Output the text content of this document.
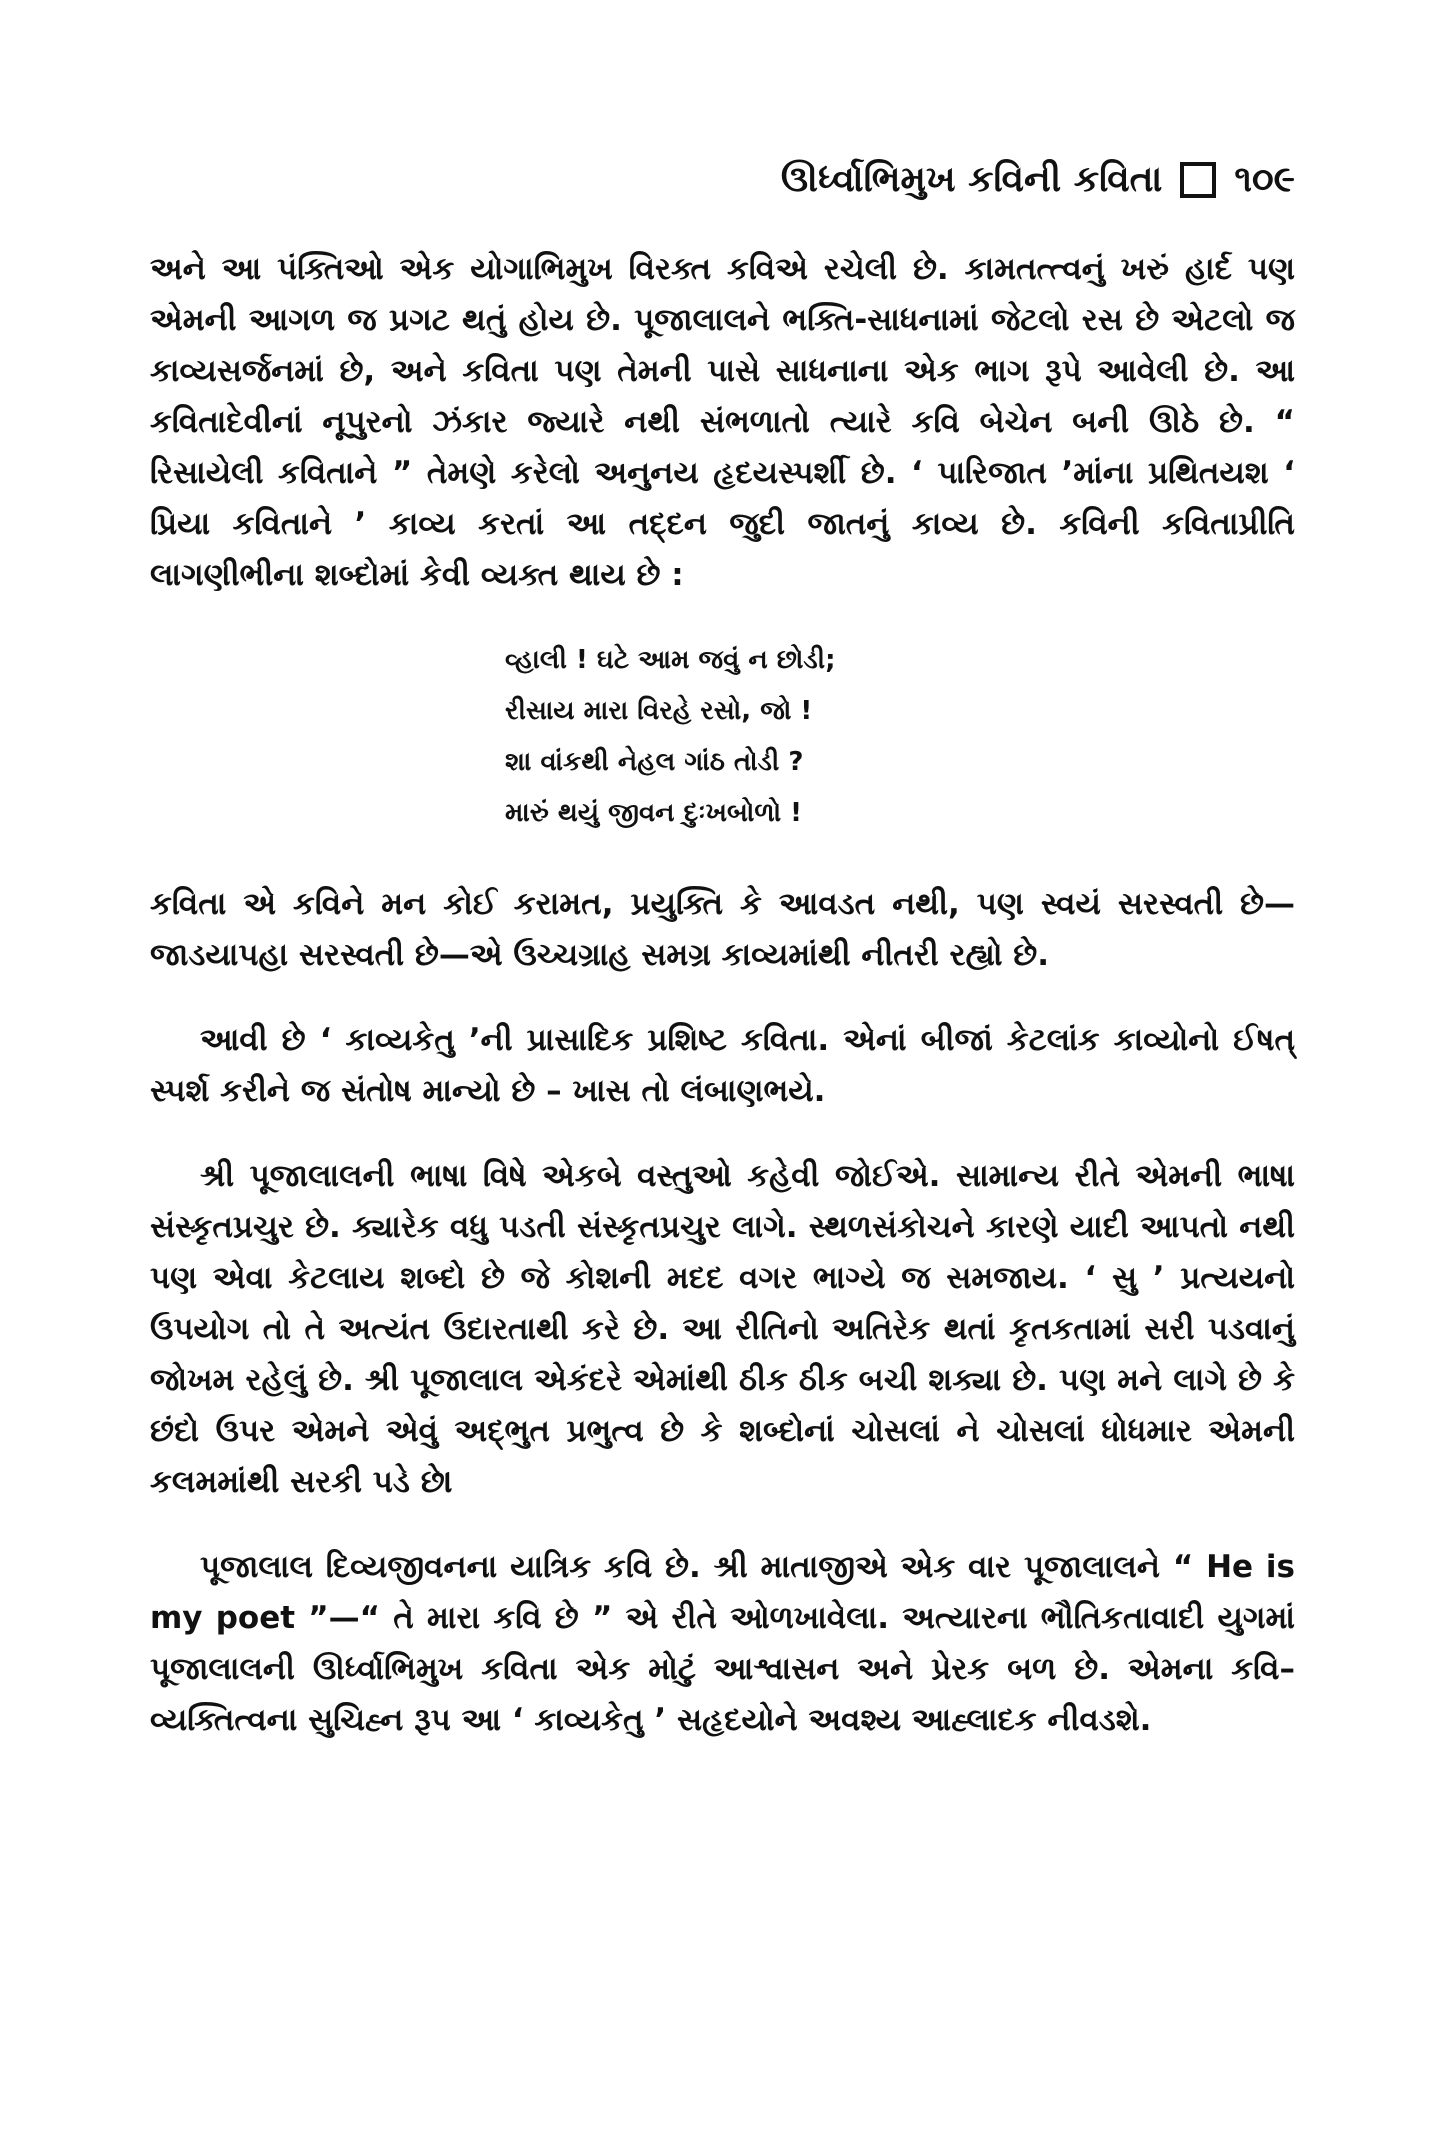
ઊર્ધ્વાભિમુખ કવિની કવિતા ૧૦૯

અને આ પંક્તિઓ એક યોગાભિમુખ વિરક્ત કવિએ રચેલી છે. કામતત્ત્વનું ખરું હાર્દ પણ એમની આગળ જ પ્રગટ થતું હોય છે. પૂજાલાલને ભક્તિ-સાધનામાં જેટલો રસ છે એટલો જ કાવ્યસર્જનમાં છે, અને કવિતા પણ તેમની પાસે સાધનાના એક ભાગ રૂપે આવેલી છે. આ કવિતાદેવીનાં નૂપુરનો ઝંકાર જ્યારે નથી સંભળાતો ત્યારે કવિ બેચેન બની ઊઠે છે. “ રિસાયેલી કવિતાને ” તેમણે કરેલો અનુનય હૃદયસ્પર્શી છે. ‘ પારિજાત ’માંના પ્રથિતયશ ‘ પ્રિયા કવિતાને ’ કાવ્ય કરતાં આ તદ્દન જુદી જાતનું કાવ્ય છે. કવિની કવિતાપ્રીતિ લાગણીભીના શબ્દોમાં કેવી વ્યક્ત થાય છે :

વ્હાલી ! ઘટે આમ જવું ન છોડી;
રીસાય મારા વિરહે રસો, જો !
શા વાંકથી નેહલ ગાંઠ તોડી ?
મારું થયું જીવન દુઃખબોળો !

કવિતા એ કવિને મન કોઈ કરામત, પ્રયુક્તિ કે આવડત નથી, પણ સ્વયં સરસ્વતી છે—જાડયાપહા સરસ્વતી છે—એ ઉચ્ચગ્રાહ સમગ્ર કાવ્યમાંથી નીતરી રહ્યો છે.

આવી છે ‘ કાવ્યકેતુ ’ની પ્રાસાદિક પ્રશિષ્ટ કવિતા. એનાં બીજાં કેટલાંક કાવ્યોનો ઈષત્ સ્પર્શ કરીને જ સંતોષ માન્યો છે – ખાસ તો લંબાણભયે.

શ્રી પૂજાલાલની ભાષા વિષે એકબે વસ્તુઓ કહેવી જોઈએ. સામાન્ય રીતે એમની ભાષા સંસ્કૃતપ્રચુર છે. ક્યારેક વધુ પડતી સંસ્કૃતપ્રચુર લાગે. સ્થળસંકોચને કારણે યાદી આપતો નથી પણ એવા કેટલાય શબ્દો છે જે કોશની મદદ વગર ભાગ્યે જ સમજાય. ‘ સુ ’ પ્રત્યયનો ઉપયોગ તો તે અત્યંત ઉદારતાથી કરે છે. આ રીતિનો અતિરેક થતાં કૃતકતામાં સરી પડવાનું જોખમ રહેલું છે. શ્રી પૂજાલાલ એકંદરે એમાંથી ઠીક ઠીક બચી શક્યા છે. પણ મને લાગે છે કે છંદો ઉપર એમને એવું અદ્‌ભુત પ્રભુત્વ છે કે શબ્દોનાં ચોસલાં ને ચોસલાં ધોધમાર એમની કલમમાંથી સરકી પડે છે।

પૂજાલાલ દિવ્યજીવનના યાત્રિક કવિ છે. શ્રી માતાજીએ એક વાર પૂજાલાલને “ He is my poet ”—“ તે મારા કવિ છે ” એ રીતે ઓળખાવેલા. અત્યારના ભૌતિકતાવાદી યુગમાં પૂજાલાલની ઊર્ધ્વાભિમુખ કવિતા એક મોટું આશ્વાસન અને પ્રેરક બળ છે. એમના કવિ–વ્યક્તિત્વના સુચિહ્ન રૂપ આ ‘ કાવ્યકેતુ ’ સહૃદયોને અવશ્ય આહ્લાદક નીવડશે.
